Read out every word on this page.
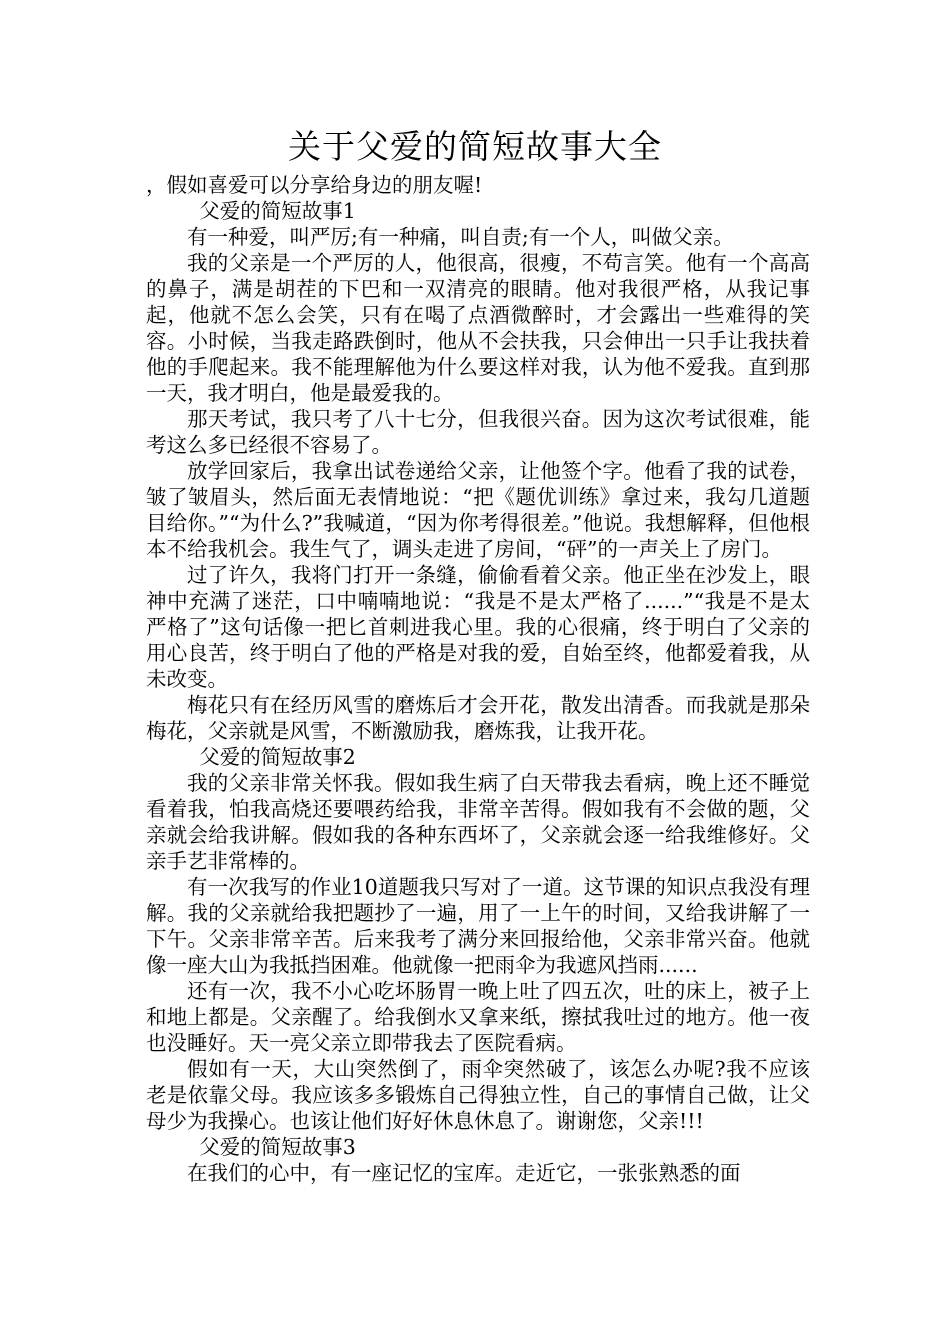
关于父爱的简短故事大全

，假如喜爱可以分享给身边的朋友喔!

父爱的简短故事1

有一种爱，叫严厉;有一种痛，叫自责;有一个人，叫做父亲。

我的父亲是一个严厉的人，他很高，很瘦，不苟言笑。他有一个高高的鼻子，满是胡茬的下巴和一双清亮的眼睛。他对我很严格，从我记事起，他就不怎么会笑，只有在喝了点酒微醉时，才会露出一些难得的笑容。小时候，当我走路跌倒时，他从不会扶我，只会伸出一只手让我扶着他的手爬起来。我不能理解他为什么要这样对我，认为他不爱我。直到那一天，我才明白，他是最爱我的。

那天考试，我只考了八十七分，但我很兴奋。因为这次考试很难，能考这么多已经很不容易了。

放学回家后，我拿出试卷递给父亲，让他签个字。他看了我的试卷，皱了皱眉头，然后面无表情地说：“把《题优训练》拿过来，我勾几道题目给你。”“为什么?”我喊道，“因为你考得很差。”他说。我想解释，但他根本不给我机会。我生气了，调头走进了房间，“砰”的一声关上了房门。

过了许久，我将门打开一条缝，偷偷看着父亲。他正坐在沙发上，眼神中充满了迷茫，口中喃喃地说：“我是不是太严格了......”“我是不是太严格了”这句话像一把匕首刺进我心里。我的心很痛，终于明白了父亲的用心良苦，终于明白了他的严格是对我的爱，自始至终，他都爱着我，从未改变。

梅花只有在经历风雪的磨炼后才会开花，散发出清香。而我就是那朵梅花，父亲就是风雪，不断激励我，磨炼我，让我开花。

父爱的简短故事2

我的父亲非常关怀我。假如我生病了白天带我去看病，晚上还不睡觉看着我，怕我高烧还要喂药给我，非常辛苦得。假如我有不会做的题，父亲就会给我讲解。假如我的各种东西坏了，父亲就会逐一给我维修好。父亲手艺非常棒的。

有一次我写的作业10道题我只写对了一道。这节课的知识点我没有理解。我的父亲就给我把题抄了一遍，用了一上午的时间，又给我讲解了一下午。父亲非常辛苦。后来我考了满分来回报给他，父亲非常兴奋。他就像一座大山为我抵挡困难。他就像一把雨伞为我遮风挡雨......

还有一次，我不小心吃坏肠胃一晚上吐了四五次，吐的床上，被子上和地上都是。父亲醒了。给我倒水又拿来纸，擦拭我吐过的地方。他一夜也没睡好。天一亮父亲立即带我去了医院看病。

假如有一天，大山突然倒了，雨伞突然破了，该怎么办呢?我不应该老是依靠父母。我应该多多锻炼自己得独立性，自己的事情自己做，让父母少为我操心。也该让他们好好休息休息了。谢谢您，父亲!!!

父爱的简短故事3

在我们的心中，有一座记忆的宝库。走近它，一张张熟悉的面
